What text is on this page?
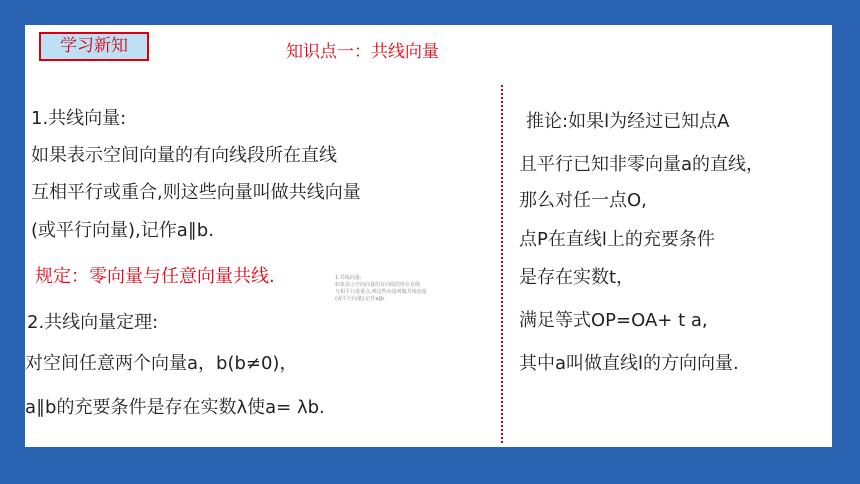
学习新知	知识点一：共线向量
1.共线向量:
如果表示空间向量的有向线段所在直线
互相平行或重合,则这些向量叫做共线向量
(或平行向量),记作a∥b.
规定：零向量与任意向量共线.	1.共线向量:
如果表示空间向量的有向线段所在直线
互相平行或重合,则这些向量叫做共线向量
(或平行向量),记作a∥b.
2.共线向量定理:
对空间任意两个向量a，b(b≠0)，
a∥b的充要条件是存在实数λ使a= λb.
推论:如果l为经过已知点A
且平行已知非零向量a的直线，
那么对任一点O,
点P在直线l上的充要条件
是存在实数t，
满足等式OP=OA+ t a,
其中a叫做直线l的方向向量.
